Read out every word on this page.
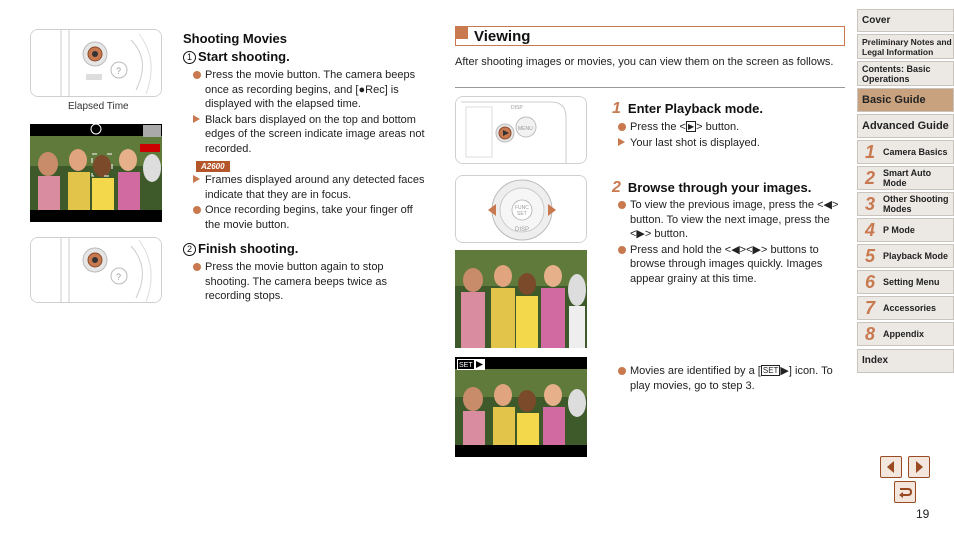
?
Elapsed Time
?
Shooting Movies
1 Start shooting.
Press the movie button. The camera beeps once as recording begins, and [●Rec] is displayed with the elapsed time.
Black bars displayed on the top and bottom edges of the screen indicate image areas not recorded.
A2600
Frames displayed around any detected faces indicate that they are in focus.
Once recording begins, take your finger off the movie button.
2 Finish shooting.
Press the movie button again to stop shooting. The camera beeps twice as recording stops.
Viewing
After shooting images or movies, you can view them on the screen as follows.
MENU
DISP
FUNC
SET
DISP
SET
1 Enter Playback mode.
Press the < ▶ > button.
Your last shot is displayed.
2 Browse through your images.
To view the previous image, press the <◀> button. To view the next image, press the <▶> button.
Press and hold the <◀><▶> buttons to browse through images quickly. Images appear grainy at this time.
Movies are identified by a [ SET ▶] icon. To play movies, go to step 3.
Cover
Preliminary Notes and Legal Information
Contents: Basic Operations
Basic Guide
Advanced Guide
1 Camera Basics
2 Smart Auto Mode
3 Other Shooting Modes
4 P Mode
5 Playback Mode
6 Setting Menu
7 Accessories
8 Appendix
Index
19
